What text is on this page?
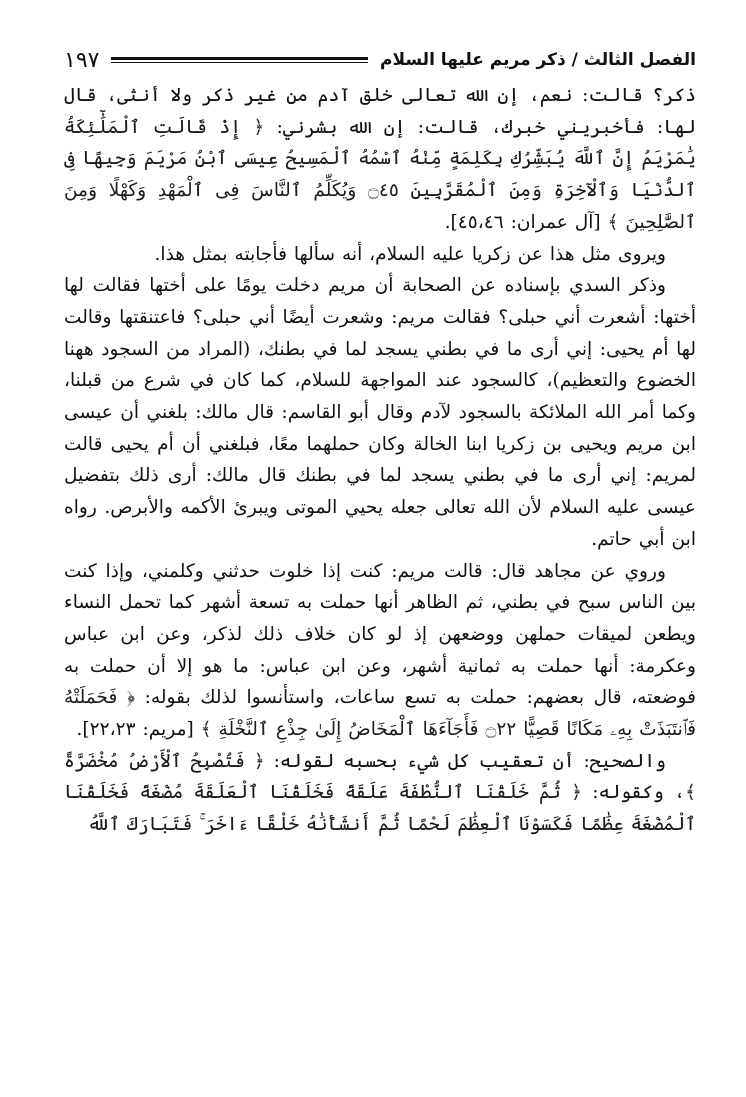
الفصل الثالث / ذكر مريم عليها السلام
١٩٧

ذكر؟ قالت: نعم، إن الله تعالى خلق آدم من غير ذكر ولا أنثى، قال لها: فأخبريني خبرك، قالت: إن الله بشرني: ﴿ إِذْ قَالَتِ ٱلْمَلَٰٓئِكَةُ يَٰمَرْيَمُ إِنَّ ٱللَّهَ يُبَشِّرُكِ بِكَلِمَةٍ مِّنْهُ ٱسْمُهُ ٱلْمَسِيحُ عِيسَى ٱبْنُ مَرْيَمَ وَجِيهًا فِى ٱلدُّنْيَا وَٱلْآخِرَةِ وَمِنَ ٱلْمُقَرَّبِينَ ۝٤٥ وَيُكَلِّمُ ٱلنَّاسَ فِى ٱلْمَهْدِ وَكَهْلًا وَمِنَ ٱلصَّٰلِحِينَ ﴾ [آل عمران: ٤٥،٤٦].

ويروى مثل هذا عن زكريا عليه السلام، أنه سألها فأجابته بمثل هذا.

وذكر السدي بإسناده عن الصحابة أن مريم دخلت يومًا على أختها فقالت لها أختها: أشعرت أني حبلى؟ فقالت مريم: وشعرت أيضًا أني حبلى؟ فاعتنقتها وقالت لها أم يحيى: إني أرى ما في بطني يسجد لما في بطنك، (المراد من السجود ههنا الخضوع والتعظيم)، كالسجود عند المواجهة للسلام، كما كان في شرع من قبلنا، وكما أمر الله الملائكة بالسجود لآدم وقال أبو القاسم: قال مالك: بلغني أن عيسى ابن مريم ويحيى بن زكريا ابنا الخالة وكان حملهما معًا، فبلغني أن أم يحيى قالت لمريم: إني أرى ما في بطني يسجد لما في بطنك قال مالك: أرى ذلك بتفضيل عيسى عليه السلام لأن الله تعالى جعله يحيي الموتى ويبرئ الأكمه والأبرص. رواه ابن أبي حاتم.

وروي عن مجاهد قال: قالت مريم: كنت إذا خلوت حدثني وكلمني، وإذا كنت بين الناس سبح في بطني، ثم الظاهر أنها حملت به تسعة أشهر كما تحمل النساء ويطعن لميقات حملهن ووضعهن إذ لو كان خلاف ذلك لذكر، وعن ابن عباس وعكرمة: أنها حملت به ثمانية أشهر، وعن ابن عباس: ما هو إلا أن حملت به فوضعته، قال بعضهم: حملت به تسع ساعات، واستأنسوا لذلك بقوله: ﴿ فَحَمَلَتْهُ فَٱنتَبَذَتْ بِهِۦ مَكَانًا قَصِيًّا ۝٢٢ فَأَجَآءَهَا ٱلْمَخَاضُ إِلَىٰ جِذْعِ ٱلنَّخْلَةِ ﴾ [مريم: ٢٢،٢٣].

والصحيح: أن تعقيب كل شيء بحسبه لقوله: ﴿ فَتُصْبِحُ ٱلْأَرْضُ مُخْضَرَّةً ﴾، وكقوله: ﴿ ثُمَّ خَلَقْنَا ٱلنُّطْفَةَ عَلَقَةً فَخَلَقْنَا ٱلْعَلَقَةَ مُضْغَةً فَخَلَقْنَا ٱلْمُضْغَةَ عِظَٰمًا فَكَسَوْنَا ٱلْعِظَٰمَ لَحْمًا ثُمَّ أَنشَأْنَٰهُ خَلْقًا ءَاخَرَ ۚ فَتَبَارَكَ ٱللَّهُ
